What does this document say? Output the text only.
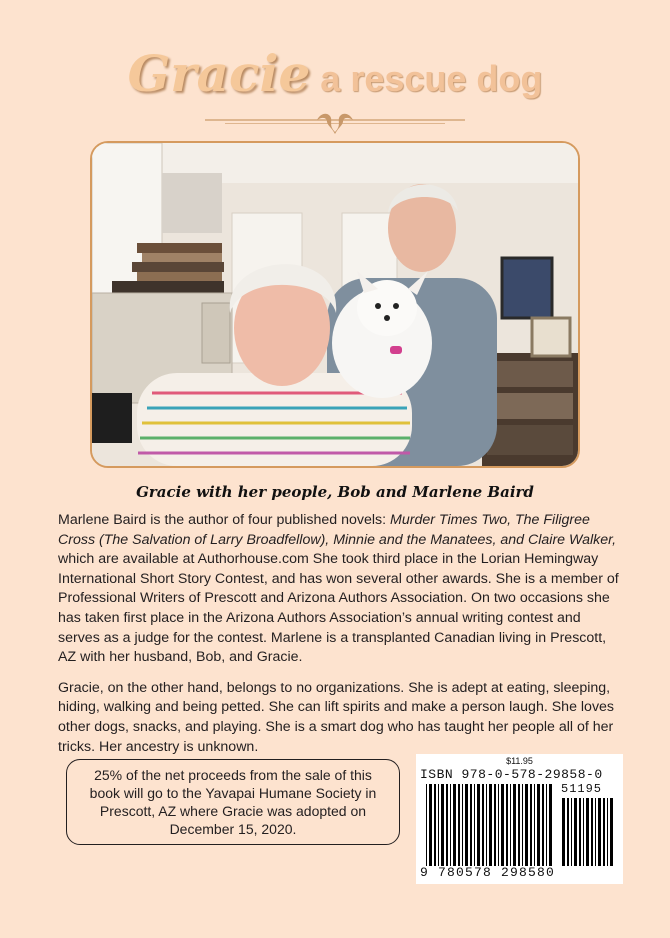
Gracie a rescue dog
Gracie with her people, Bob and Marlene Baird

Marlene Baird is the author of four published novels: Murder Times Two, The Filigree Cross (The Salvation of Larry Broadfellow), Minnie and the Manatees, and Claire Walker, which are available at Authorhouse.com She took third place in the Lorian Hemingway International Short Story Contest, and has won several other awards. She is a member of Professional Writers of Prescott and Arizona Authors Association. On two occasions she has taken first place in the Arizona Authors Association’s annual writing contest and serves as a judge for the contest. Marlene is a transplanted Canadian living in Prescott, AZ with her husband, Bob, and Gracie.

Gracie, on the other hand, belongs to no organizations. She is adept at eating, sleeping, hiding, walking and being petted. She can lift spirits and make a person laugh. She loves other dogs, snacks, and playing. She is a smart dog who has taught her people all of her tricks. Her ancestry is unknown.

25% of the net proceeds from the sale of this book will go to the Yavapai Humane Society in Prescott, AZ where Gracie was adopted on December 15, 2020.
$11.95
ISBN 978-0-578-29858-0
51195
9 780578 298580
